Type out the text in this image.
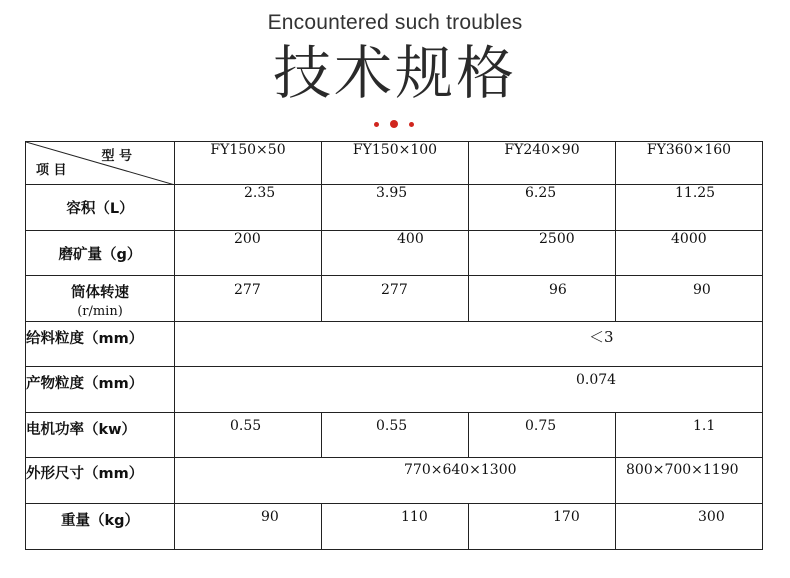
Encountered such troubles
技术规格
型 号
项 目	FY150×50	FY150×100	FY240×90	FY360×160
容积（L）	2.35	3.95	6.25	11.25
磨矿量（g）	200	400	2500	4000
筒体转速
(r/min)	277	277	96	90
给料粒度（mm）	＜3			
产物粒度（mm）	0.074			
电机功率（kw）	0.55	0.55	0.75	1.1
外形尺寸（mm）	770×640×1300			800×700×1190
重量（kg）	90	110	170	300
